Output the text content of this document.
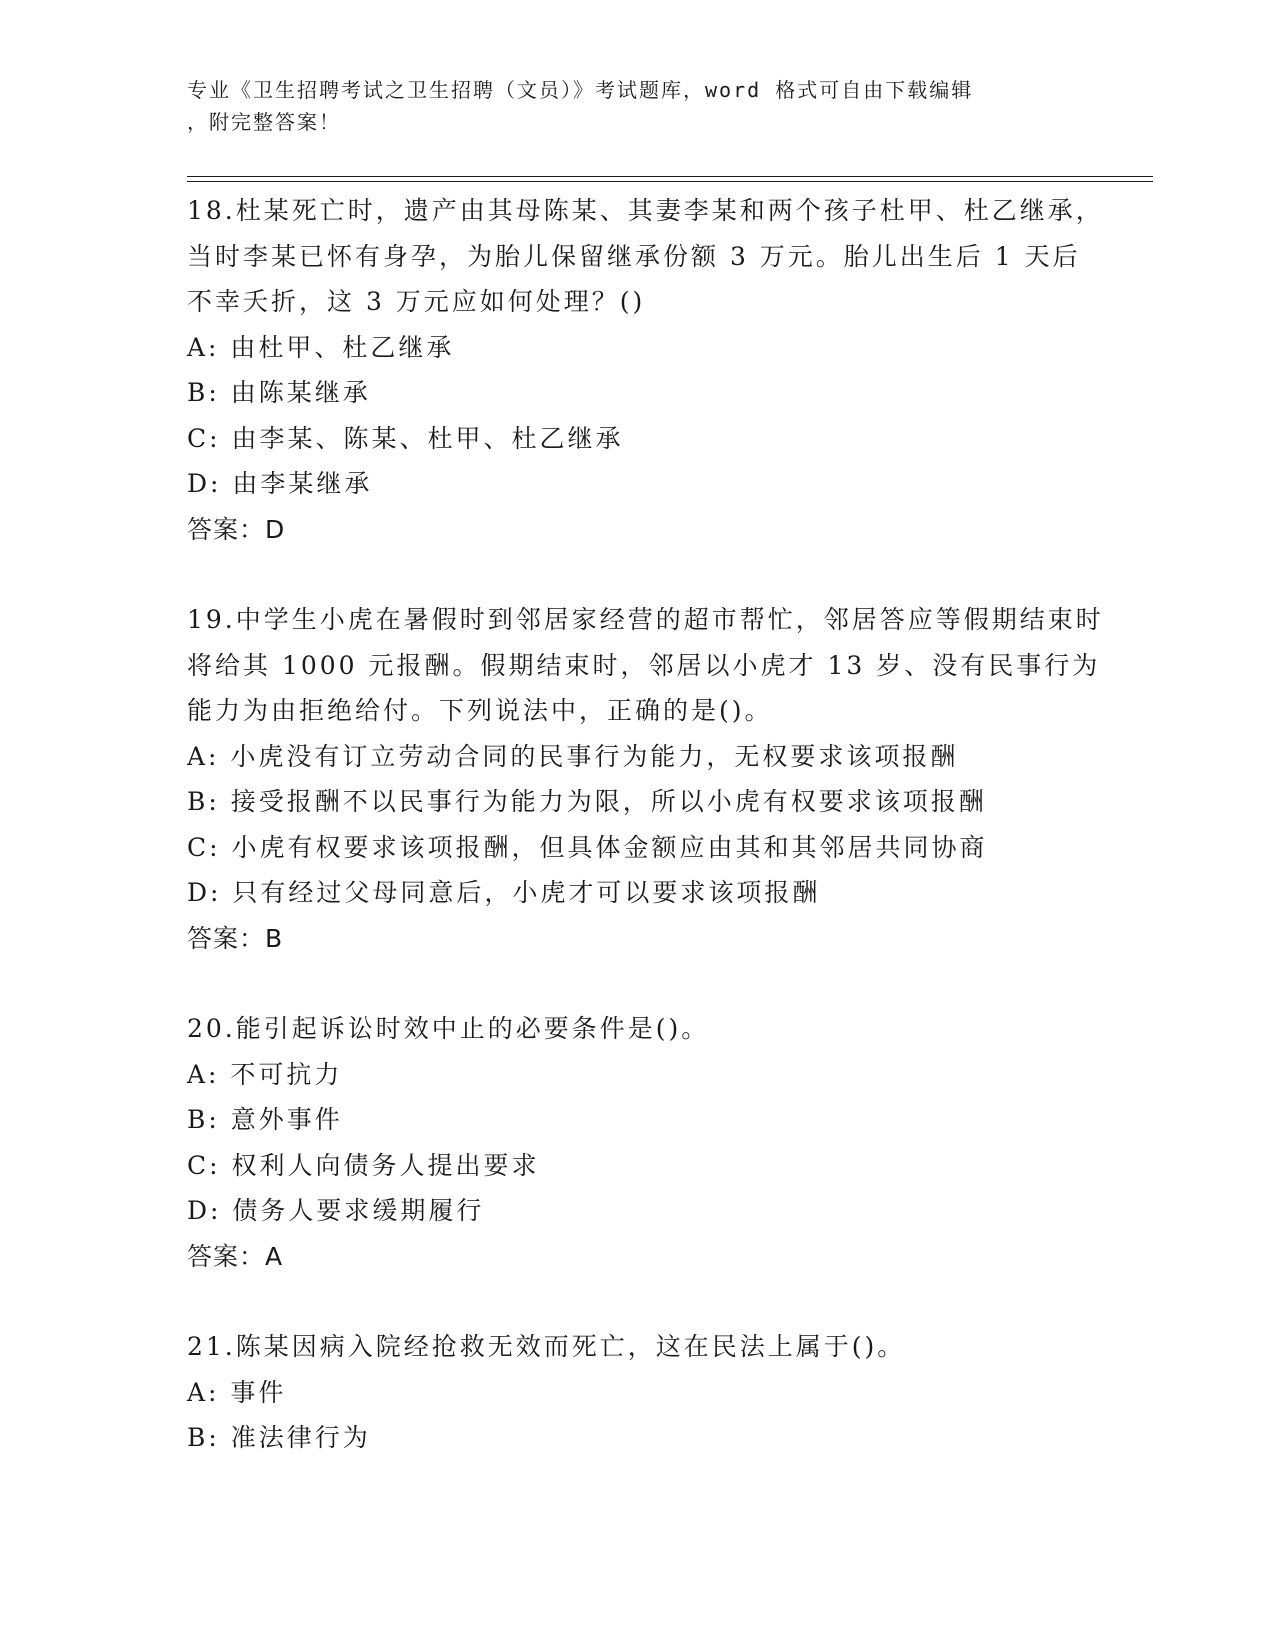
专业《卫生招聘考试之卫生招聘（文员）》考试题库，word 格式可自由下载编辑
，附完整答案！
18.杜某死亡时，遗产由其母陈某、其妻李某和两个孩子杜甲、杜乙继承，当时李某已怀有身孕，为胎儿保留继承份额 3 万元。胎儿出生后 1 天后不幸夭折，这 3 万元应如何处理？()
A: 由杜甲、杜乙继承
B: 由陈某继承
C: 由李某、陈某、杜甲、杜乙继承
D: 由李某继承
答案：D
19.中学生小虎在暑假时到邻居家经营的超市帮忙，邻居答应等假期结束时将给其 1000 元报酬。假期结束时，邻居以小虎才 13 岁、没有民事行为能力为由拒绝给付。下列说法中，正确的是()。
A: 小虎没有订立劳动合同的民事行为能力，无权要求该项报酬
B: 接受报酬不以民事行为能力为限，所以小虎有权要求该项报酬
C: 小虎有权要求该项报酬，但具体金额应由其和其邻居共同协商
D: 只有经过父母同意后，小虎才可以要求该项报酬
答案：B
20.能引起诉讼时效中止的必要条件是()。
A: 不可抗力
B: 意外事件
C: 权利人向债务人提出要求
D: 债务人要求缓期履行
答案：A
21.陈某因病入院经抢救无效而死亡，这在民法上属于()。
A: 事件
B: 准法律行为
